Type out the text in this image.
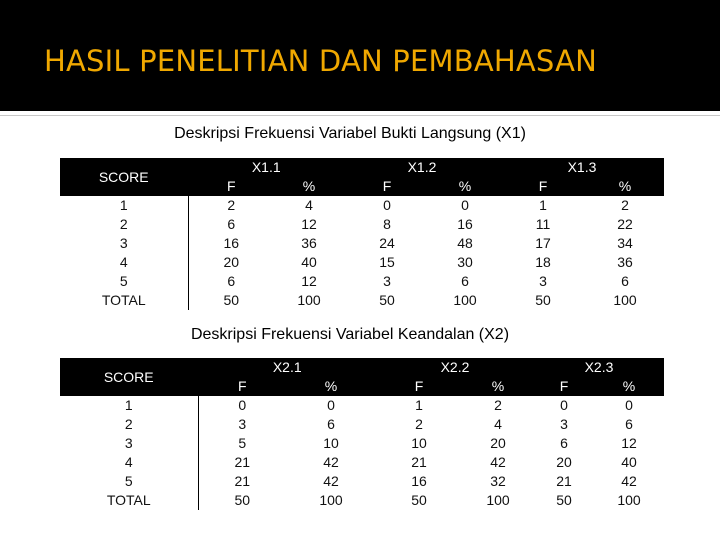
HASIL PENELITIAN DAN PEMBAHASAN
Deskripsi Frekuensi Variabel Bukti Langsung (X1)
SCORE	X1.1		X1.2		X1.3	
	F	%	F	%	F	%
1	2	4	0	0	1	2
2	6	12	8	16	11	22
3	16	36	24	48	17	34
4	20	40	15	30	18	36
5	6	12	3	6	3	6
TOTAL	50	100	50	100	50	100
Deskripsi Frekuensi Variabel Keandalan (X2)
SCORE	X2.1		X2.2		X2.3	
	F	%	F	%	F	%
1	0	0	1	2	0	0
2	3	6	2	4	3	6
3	5	10	10	20	6	12
4	21	42	21	42	20	40
5	21	42	16	32	21	42
TOTAL	50	100	50	100	50	100
